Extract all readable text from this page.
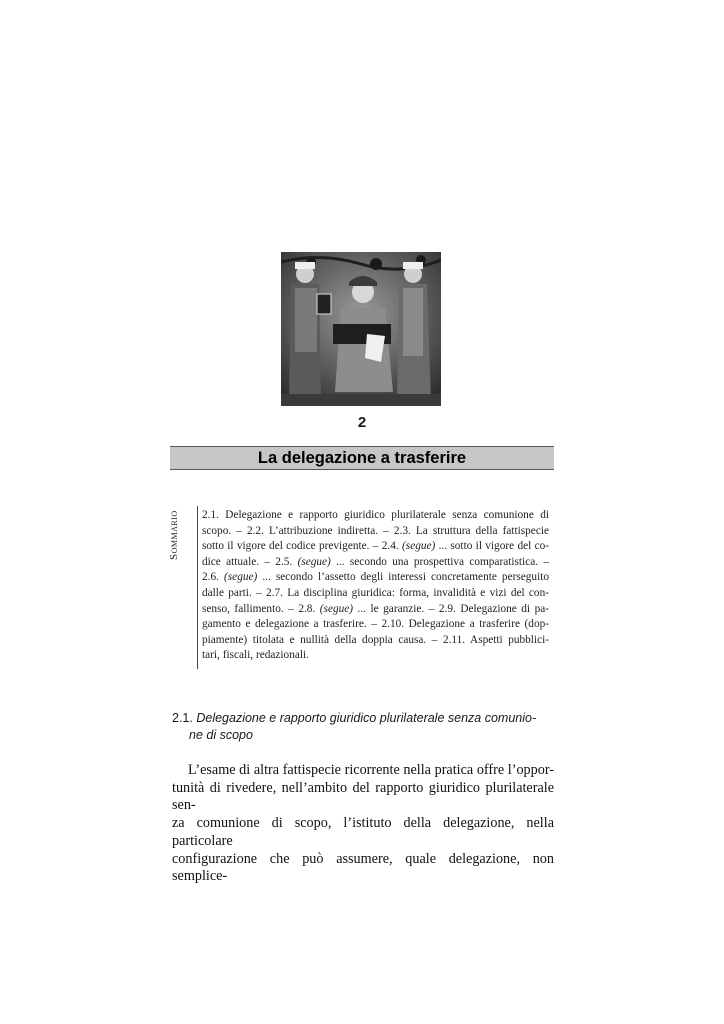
2
La delegazione a trasferire
Sommario 2.1. Delegazione e rapporto giuridico plurilaterale senza comunione di
scopo. – 2.2. L’attribuzione indiretta. – 2.3. La struttura della fattispecie
sotto il vigore del codice previgente. – 2.4. (segue) ... sotto il vigore del co-
dice attuale. – 2.5. (segue) ... secondo una prospettiva comparatistica. –
2.6. (segue) ... secondo l’assetto degli interessi concretamente perseguito
dalle parti. – 2.7. La disciplina giuridica: forma, invalidità e vizi del con-
senso, fallimento. – 2.8. (segue) ... le garanzie. – 2.9. Delegazione di pa-
gamento e delegazione a trasferire. – 2.10. Delegazione a trasferire (dop-
piamente) titolata e nullità della doppia causa. – 2.11. Aspetti pubblici-
tari, fiscali, redazionali.
2.1. Delegazione e rapporto giuridico plurilaterale senza comunio-
ne di scopo
L’esame di altra fattispecie ricorrente nella pratica offre l’oppor-
tunità di rivedere, nell’ambito del rapporto giuridico plurilaterale sen-
za comunione di scopo, l’istituto della delegazione, nella particolare
configurazione che può assumere, quale delegazione, non semplice-
